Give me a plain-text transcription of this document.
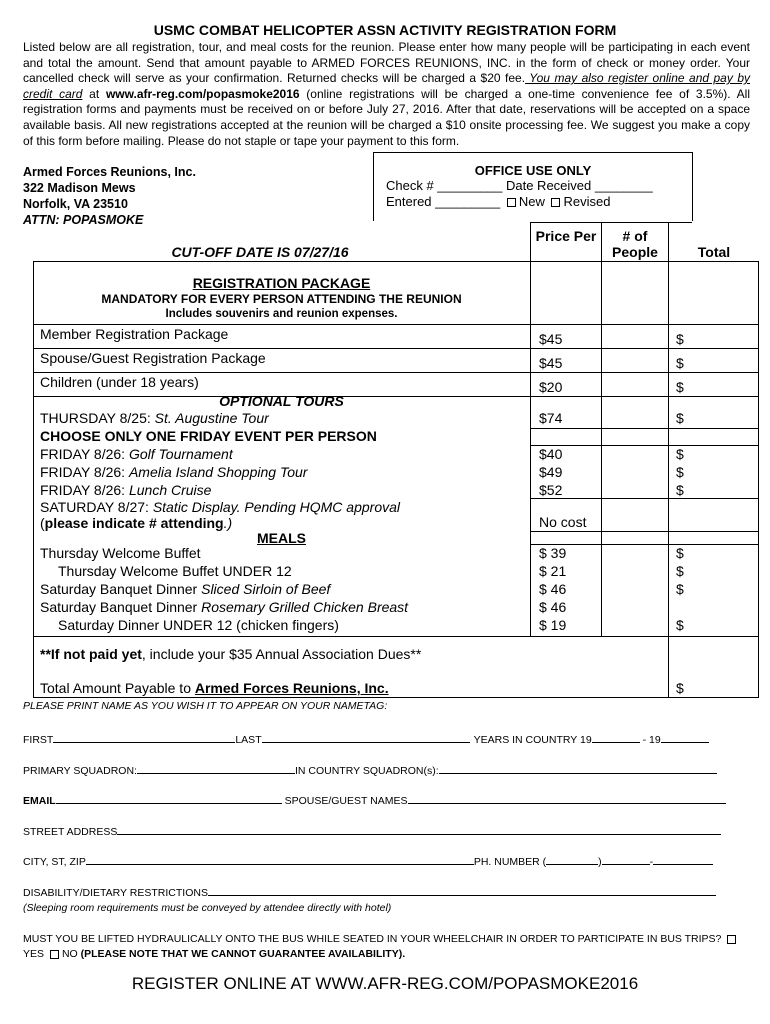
USMC COMBAT HELICOPTER ASSN ACTIVITY REGISTRATION FORM
Listed below are all registration, tour, and meal costs for the reunion. Please enter how many people will be participating in each event and total the amount. Send that amount payable to ARMED FORCES REUNIONS, INC. in the form of check or money order. Your cancelled check will serve as your confirmation. Returned checks will be charged a $20 fee. You may also register online and pay by credit card at www.afr-reg.com/popasmoke2016 (online registrations will be charged a one-time convenience fee of 3.5%). All registration forms and payments must be received on or before July 27, 2016. After that date, reservations will be accepted on a space available basis. All new registrations accepted at the reunion will be charged a $10 onsite processing fee. We suggest you make a copy of this form before mailing. Please do not staple or tape your payment to this form.
Armed Forces Reunions, Inc.
322 Madison Mews
Norfolk, VA 23510
ATTN: POPASMOKE
OFFICE USE ONLY
Check # _________ Date Received ________
Entered _________ New Revised
CUT-OFF DATE IS 07/27/16
Price Per	# of People	Total
REGISTRATION PACKAGE
MANDATORY FOR EVERY PERSON ATTENDING THE REUNION
Includes souvenirs and reunion expenses.
Member Registration Package	$45	$
Spouse/Guest Registration Package	$45	$
Children (under 18 years)	$20	$
OPTIONAL TOURS
THURSDAY 8/25: St. Augustine Tour	$74	$
CHOOSE ONLY ONE FRIDAY EVENT PER PERSON
FRIDAY 8/26: Golf Tournament	$40	$
FRIDAY 8/26: Amelia Island Shopping Tour	$49	$
FRIDAY 8/26: Lunch Cruise	$52	$
SATURDAY 8/27: Static Display. Pending HQMC approval
(please indicate # attending.)	No cost
MEALS
Thursday Welcome Buffet	$ 39	$
Thursday Welcome Buffet UNDER 12	$ 21	$
Saturday Banquet Dinner Sliced Sirloin of Beef	$ 46	$
Saturday Banquet Dinner Rosemary Grilled Chicken Breast	$ 46
Saturday Dinner UNDER 12 (chicken fingers)	$ 19	$
**If not paid yet, include your $35 Annual Association Dues**
Total Amount Payable to Armed Forces Reunions, Inc.	$
PLEASE PRINT NAME AS YOU WISH IT TO APPEAR ON YOUR NAMETAG:
FIRST	LAST	YEARS IN COUNTRY 19	- 19
PRIMARY SQUADRON:	IN COUNTRY SQUADRON(s):
EMAIL	SPOUSE/GUEST NAMES
STREET ADDRESS
CITY, ST, ZIP	PH. NUMBER (	)	-
DISABILITY/DIETARY RESTRICTIONS
(Sleeping room requirements must be conveyed by attendee directly with hotel)
MUST YOU BE LIFTED HYDRAULICALLY ONTO THE BUS WHILE SEATED IN YOUR WHEELCHAIR IN ORDER TO PARTICIPATE IN BUS TRIPS? YES NO (PLEASE NOTE THAT WE CANNOT GUARANTEE AVAILABILITY).
REGISTER ONLINE AT WWW.AFR-REG.COM/POPASMOKE2016
